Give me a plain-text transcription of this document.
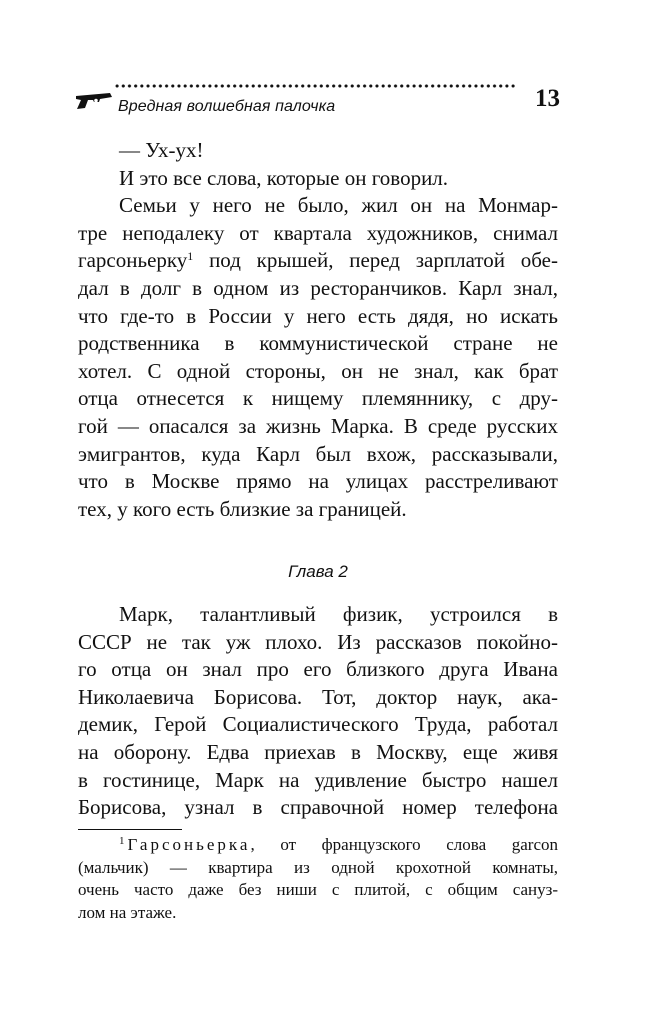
Вредная волшебная палочка	13
— Ух-ух!
И это все слова, которые он говорил.
Семьи у него не было, жил он на Монмар-
тре неподалеку от квартала художников, снимал
гарсоньерку$^1$ под крышей, перед зарплатой обе-
дал в долг в одном из ресторанчиков. Карл знал,
что где-то в России у него есть дядя, но искать
родственника в коммунистической стране не
хотел. С одной стороны, он не знал, как брат
отца отнесется к нищему племяннику, с дру-
гой — опасался за жизнь Марка. В среде русских
эмигрантов, куда Карл был вхож, рассказывали,
что в Москве прямо на улицах расстреливают
тех, у кого есть близкие за границей.
Глава 2
Марк, талантливый физик, устроился в
СССР не так уж плохо. Из рассказов покойно-
го отца он знал про его близкого друга Ивана
Николаевича Борисова. Тот, доктор наук, ака-
демик, Герой Социалистического Труда, работал
на оборону. Едва приехав в Москву, еще живя
в гостинице, Марк на удивление быстро нашел
Борисова, узнал в справочной номер телефона
$^1$ Гарсоньерка, от французского слова garcon
(мальчик) — квартира из одной крохотной комнаты,
очень часто даже без ниши с плитой, с общим сануз-
лом на этаже.
